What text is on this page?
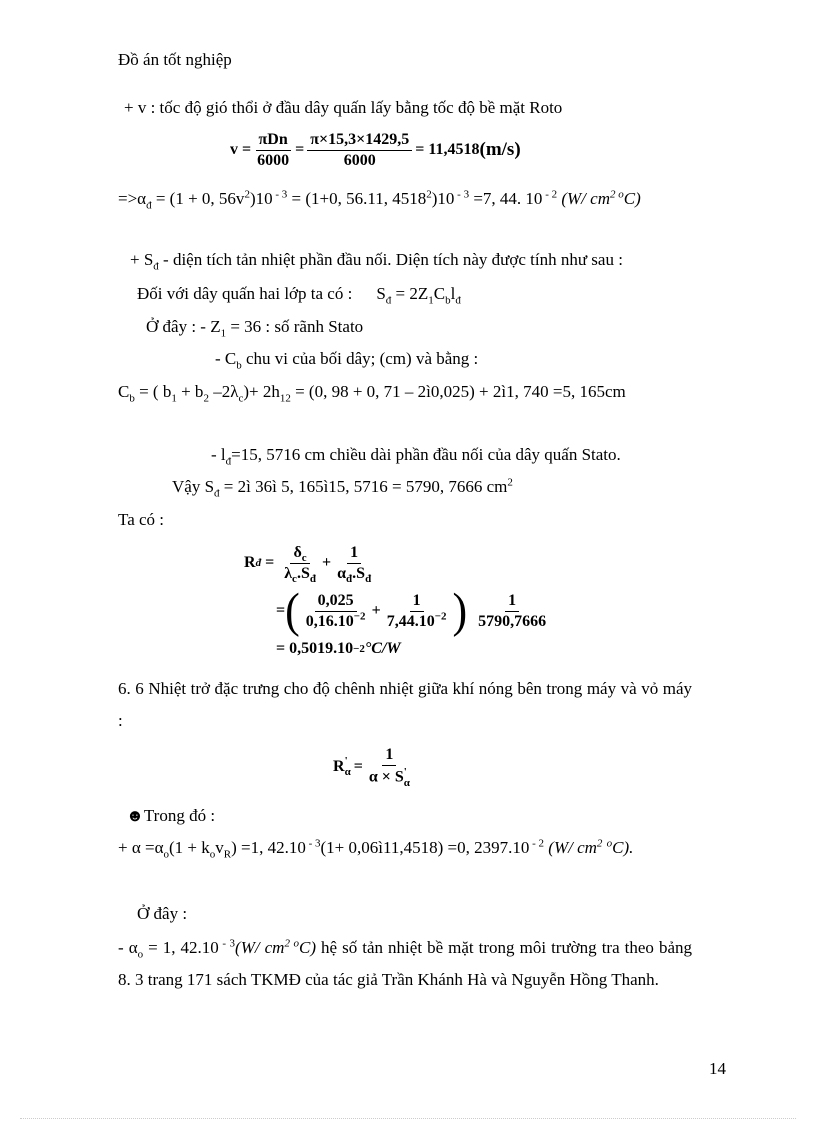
Đồ án tốt nghiệp
+ v : tốc độ gió thổi ở đầu dây quấn lấy bằng tốc độ bề mặt Roto
$v = \frac{\text{πDn}}{6000} = \frac{\pi\times 15,3\times 1429,5}{6000} = 11,4518$ (m/s)
$=>\alpha_đ = (1 + 0$, $56v^2)10$ $^{- 3}$ = (1+0, 56.11, 4518$^2$)10 $^{- 3}$ =7, 44. 10 $^{- 2}$ (W/ $cm^{2 o}C$)
+ $S_đ$ - diện tích tản nhiệt phần đầu nối. Diện tích này được tính như sau :
Đối với dây quấn hai lớp ta có : $S_đ = 2Z_1C_bl_đ$
Ở đây : - $Z_1 = 36$ : số rãnh Stato
- $C_b$ chu vi của bối dây; (cm) và bằng :
$C_b$ = ( $b_1 + b_2$ $-2\lambda_c)+ 2h_{12} = (0$, 98 + 0, 71 – 2ì0,025) + 2ì1, 740 =5, 165cm
- $l_đ=15$, 5716 cm chiều dài phần đầu nối của dây quấn Stato.
Vậy $S_đ$ = 2ì 36ì 5, 165ì15, 5716 = 5790, 7666 $cm^2$
Ta có :
R đ = $\frac{\delta_c}{\lambda_c.S_đ} + \frac{1}{\alpha_đ.S_đ}$
= ( $\frac{0,025}{0,16.10^{-2}} + \frac{1}{7,44.10^{-2}}$ ) $\frac{1}{5790,7666}$
= 0,5019.10 −2 °C/W
6. 6 Nhiệt trở đặc trưng cho độ chênh nhiệt giữa khí nóng bên trong máy và vỏ máy :
R '
α = 1
α × S '
α
☻Trong đó :
+ $\alpha =\alpha_o(1 + k_ov_R) =1$, 42.10 $^{- 3}$(1+ 0,06ì11,4518) =0, 2397.10 $^{- 2}$ (W/ $cm^2$ $^o$C).
Ở đây :
- $\alpha_o = 1$, 42.10 $^{- 3}$(W/ $cm^{2 o}C$) hệ số tản nhiệt bề mặt trong môi trường tra theo bảng 8. 3 trang 171 sách TKMĐ của tác giả Trần Khánh Hà và Nguyễn Hồng Thanh.
14
